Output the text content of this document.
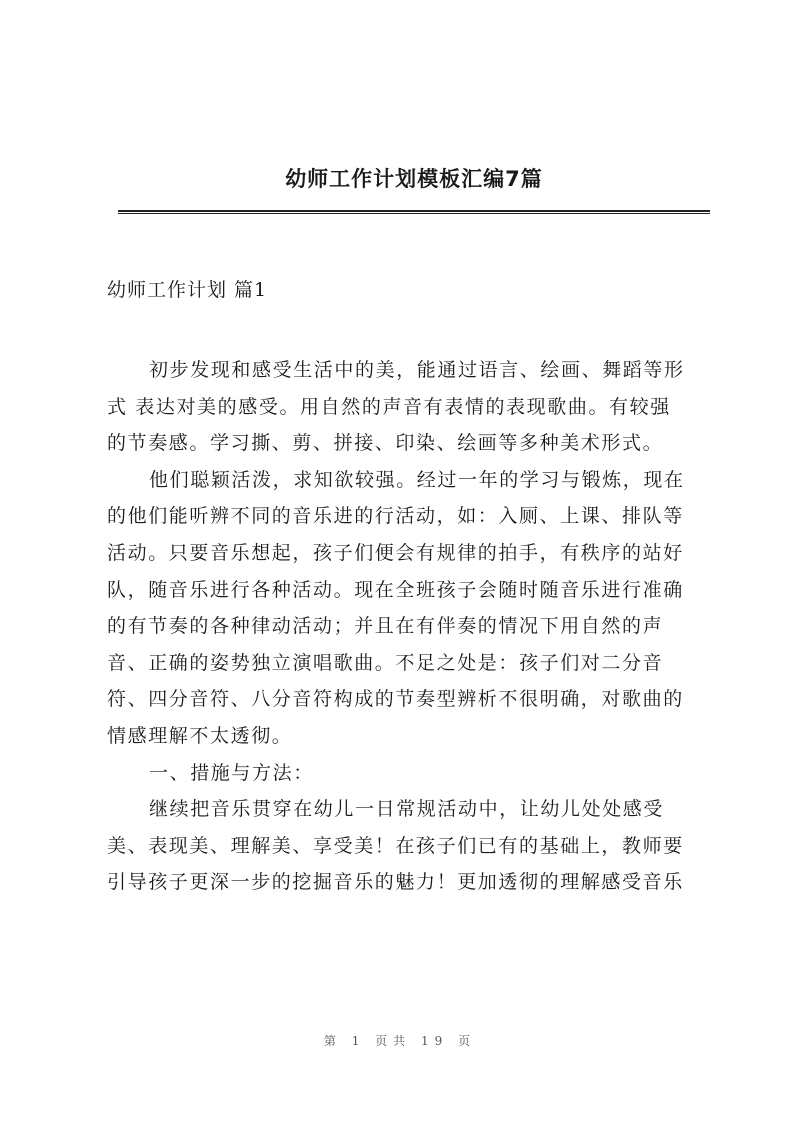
幼师工作计划模板汇编7篇
幼师工作计划 篇1
初步发现和感受生活中的美，能通过语言、绘画、舞蹈等形
式 表达对美的感受。用自然的声音有表情的表现歌曲。有较强
的节奏感。学习撕、剪、拼接、印染、绘画等多种美术形式。
他们聪颖活泼，求知欲较强。经过一年的学习与锻炼，现在
的他们能听辨不同的音乐进的行活动，如：入厕、上课、排队等
活动。只要音乐想起，孩子们便会有规律的拍手，有秩序的站好
队，随音乐进行各种活动。现在全班孩子会随时随音乐进行准确
的有节奏的各种律动活动；并且在有伴奏的情况下用自然的声
音、正确的姿势独立演唱歌曲。不足之处是：孩子们对二分音
符、四分音符、八分音符构成的节奏型辨析不很明确，对歌曲的
情感理解不太透彻。
一、措施与方法：
继续把音乐贯穿在幼儿一日常规活动中，让幼儿处处感受
美、表现美、理解美、享受美！在孩子们已有的基础上，教师要
引导孩子更深一步的挖掘音乐的魅力！更加透彻的理解感受音乐
第 1 页共 19 页
